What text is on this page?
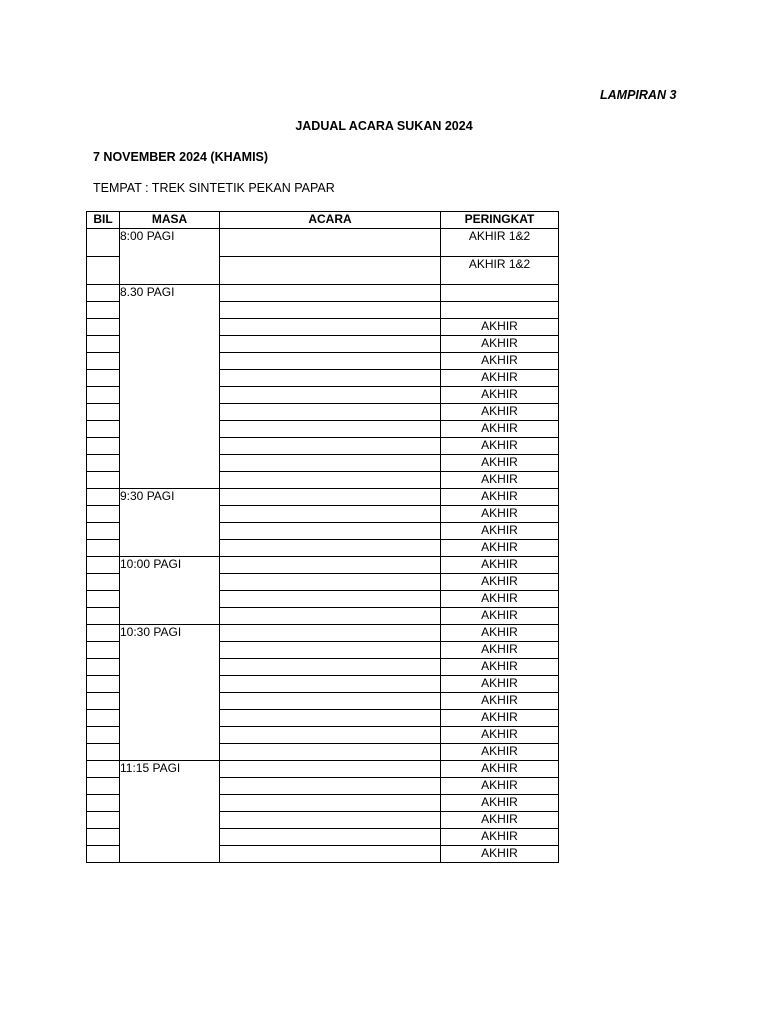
LAMPIRAN 3
JADUAL ACARA SUKAN 2024
7 NOVEMBER 2024 (KHAMIS)
TEMPAT : TREK SINTETIK PEKAN PAPAR
BIL	MASA	ACARA	PERINGKAT
	8:00 PAGI		AKHIR 1&2
			AKHIR 1&2
	8.30 PAGI		

			AKHIR
			AKHIR
			AKHIR
			AKHIR
			AKHIR
			AKHIR
			AKHIR
			AKHIR
			AKHIR
			AKHIR
	9:30 PAGI		AKHIR
			AKHIR
			AKHIR
			AKHIR
	10:00 PAGI		AKHIR
			AKHIR
			AKHIR
			AKHIR
	10:30 PAGI		AKHIR
			AKHIR
			AKHIR
			AKHIR
			AKHIR
			AKHIR
			AKHIR
			AKHIR
	11:15 PAGI		AKHIR
			AKHIR
			AKHIR
			AKHIR
			AKHIR
			AKHIR
